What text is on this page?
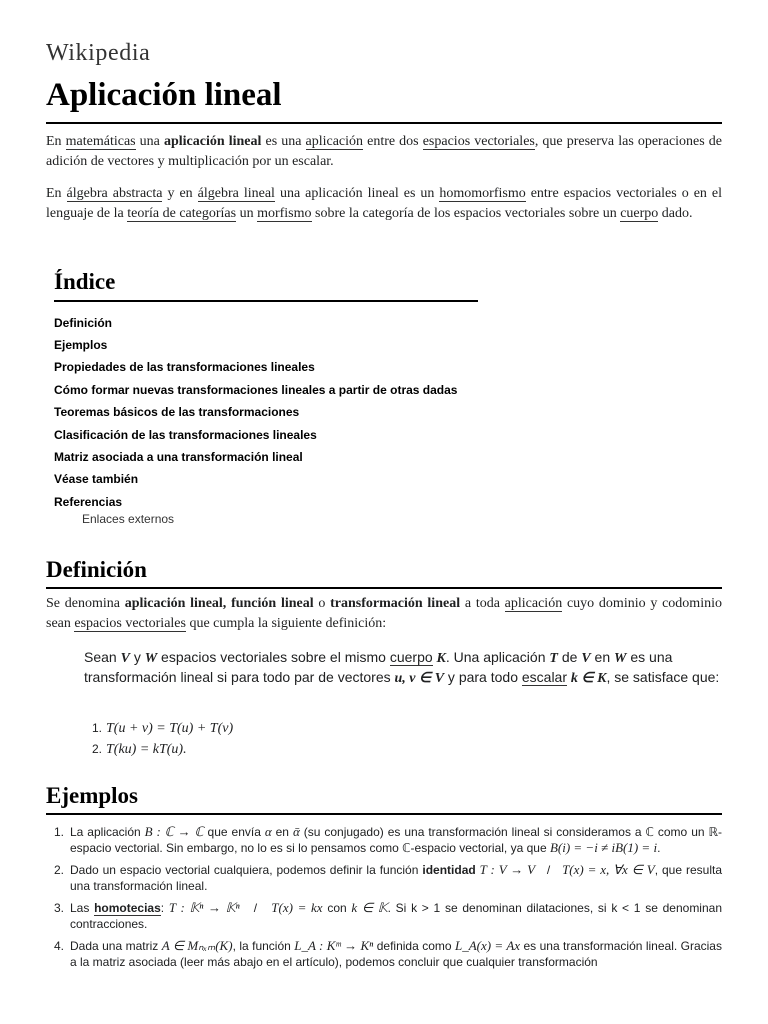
Wikipedia
Aplicación lineal

En matemáticas una aplicación lineal es una aplicación entre dos espacios vectoriales, que preserva las operaciones de adición de vectores y multiplicación por un escalar.

En álgebra abstracta y en álgebra lineal una aplicación lineal es un homomorfismo entre espacios vectoriales o en el lenguaje de la teoría de categorías un morfismo sobre la categoría de los espacios vectoriales sobre un cuerpo dado.

Índice
Definición
Ejemplos
Propiedades de las transformaciones lineales
Cómo formar nuevas transformaciones lineales a partir de otras dadas
Teoremas básicos de las transformaciones
Clasificación de las transformaciones lineales
Matriz asociada a una transformación lineal
Véase también
Referencias
Enlaces externos
Definición

Se denomina aplicación lineal, función lineal o transformación lineal a toda aplicación cuyo dominio y codominio sean espacios vectoriales que cumpla la siguiente definición:

Sean V y W espacios vectoriales sobre el mismo cuerpo K. Una aplicación T de V en W es una transformación lineal si para todo par de vectores u, v ∈ V y para todo escalar k ∈ K, se satisface que:
1. T(u + v) = T(u) + T(v)
2. T(ku) = kT(u).
Ejemplos
1. La aplicación B : ℂ → ℂ que envía α en ᾱ (su conjugado) es una transformación lineal si consideramos a ℂ como un ℝ-espacio vectorial. Sin embargo, no lo es si lo pensamos como ℂ-espacio vectorial, ya que B(i) = −i ≠ iB(1) = i.
2. Dado un espacio vectorial cualquiera, podemos definir la función identidad T : V → V   /   T(x) = x, ∀x ∈ V, que resulta una transformación lineal.
3. Las homotecias: T : 𝕂ⁿ → 𝕂ⁿ   /   T(x) = kx con k ∈ 𝕂. Si k > 1 se denominan dilataciones, si k < 1 se denominan contracciones.
4. Dada una matriz A ∈ Mₙₓₘ(K), la función L_A : Kᵐ → Kⁿ definida como L_A(x) = Ax es una transformación lineal. Gracias a la matriz asociada (leer más abajo en el artículo), podemos concluir que cualquier transformación
